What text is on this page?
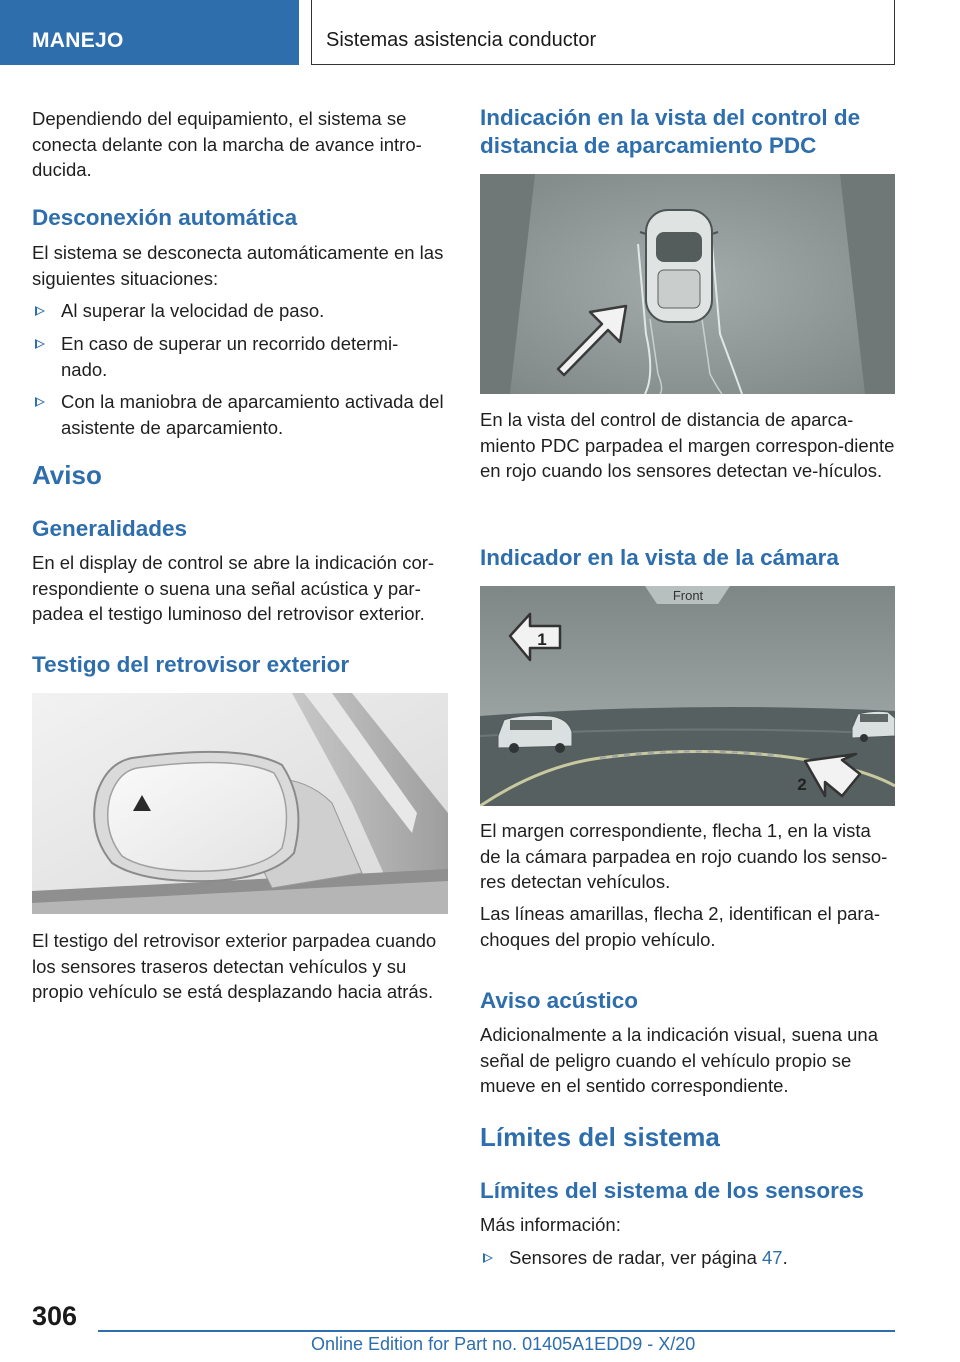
MANEJO	Sistemas asistencia conductor
Dependiendo del equipamiento, el sistema se conecta delante con la marcha de avance intro-ducida.
Desconexión automática
El sistema se desconecta automáticamente en las siguientes situaciones:
Al superar la velocidad de paso.
En caso de superar un recorrido determi-nado.
Con la maniobra de aparcamiento activada del asistente de aparcamiento.
Aviso
Generalidades
En el display de control se abre la indicación cor-respondiente o suena una señal acústica y par-padea el testigo luminoso del retrovisor exterior.
Testigo del retrovisor exterior
El testigo del retrovisor exterior parpadea cuando los sensores traseros detectan vehículos y su propio vehículo se está desplazando hacia atrás.
Indicación en la vista del control de distancia de aparcamiento PDC
En la vista del control de distancia de aparca-miento PDC parpadea el margen correspon-diente en rojo cuando los sensores detectan ve-hículos.
Indicador en la vista de la cámara
Front
1
2
El margen correspondiente, flecha 1, en la vista de la cámara parpadea en rojo cuando los senso-res detectan vehículos.
Las líneas amarillas, flecha 2, identifican el para-choques del propio vehículo.
Aviso acústico
Adicionalmente a la indicación visual, suena una señal de peligro cuando el vehículo propio se mueve en el sentido correspondiente.
Límites del sistema
Límites del sistema de los sensores
Más información:
Sensores de radar, ver página 47.
306
Online Edition for Part no. 01405A1EDD9 - X/20
